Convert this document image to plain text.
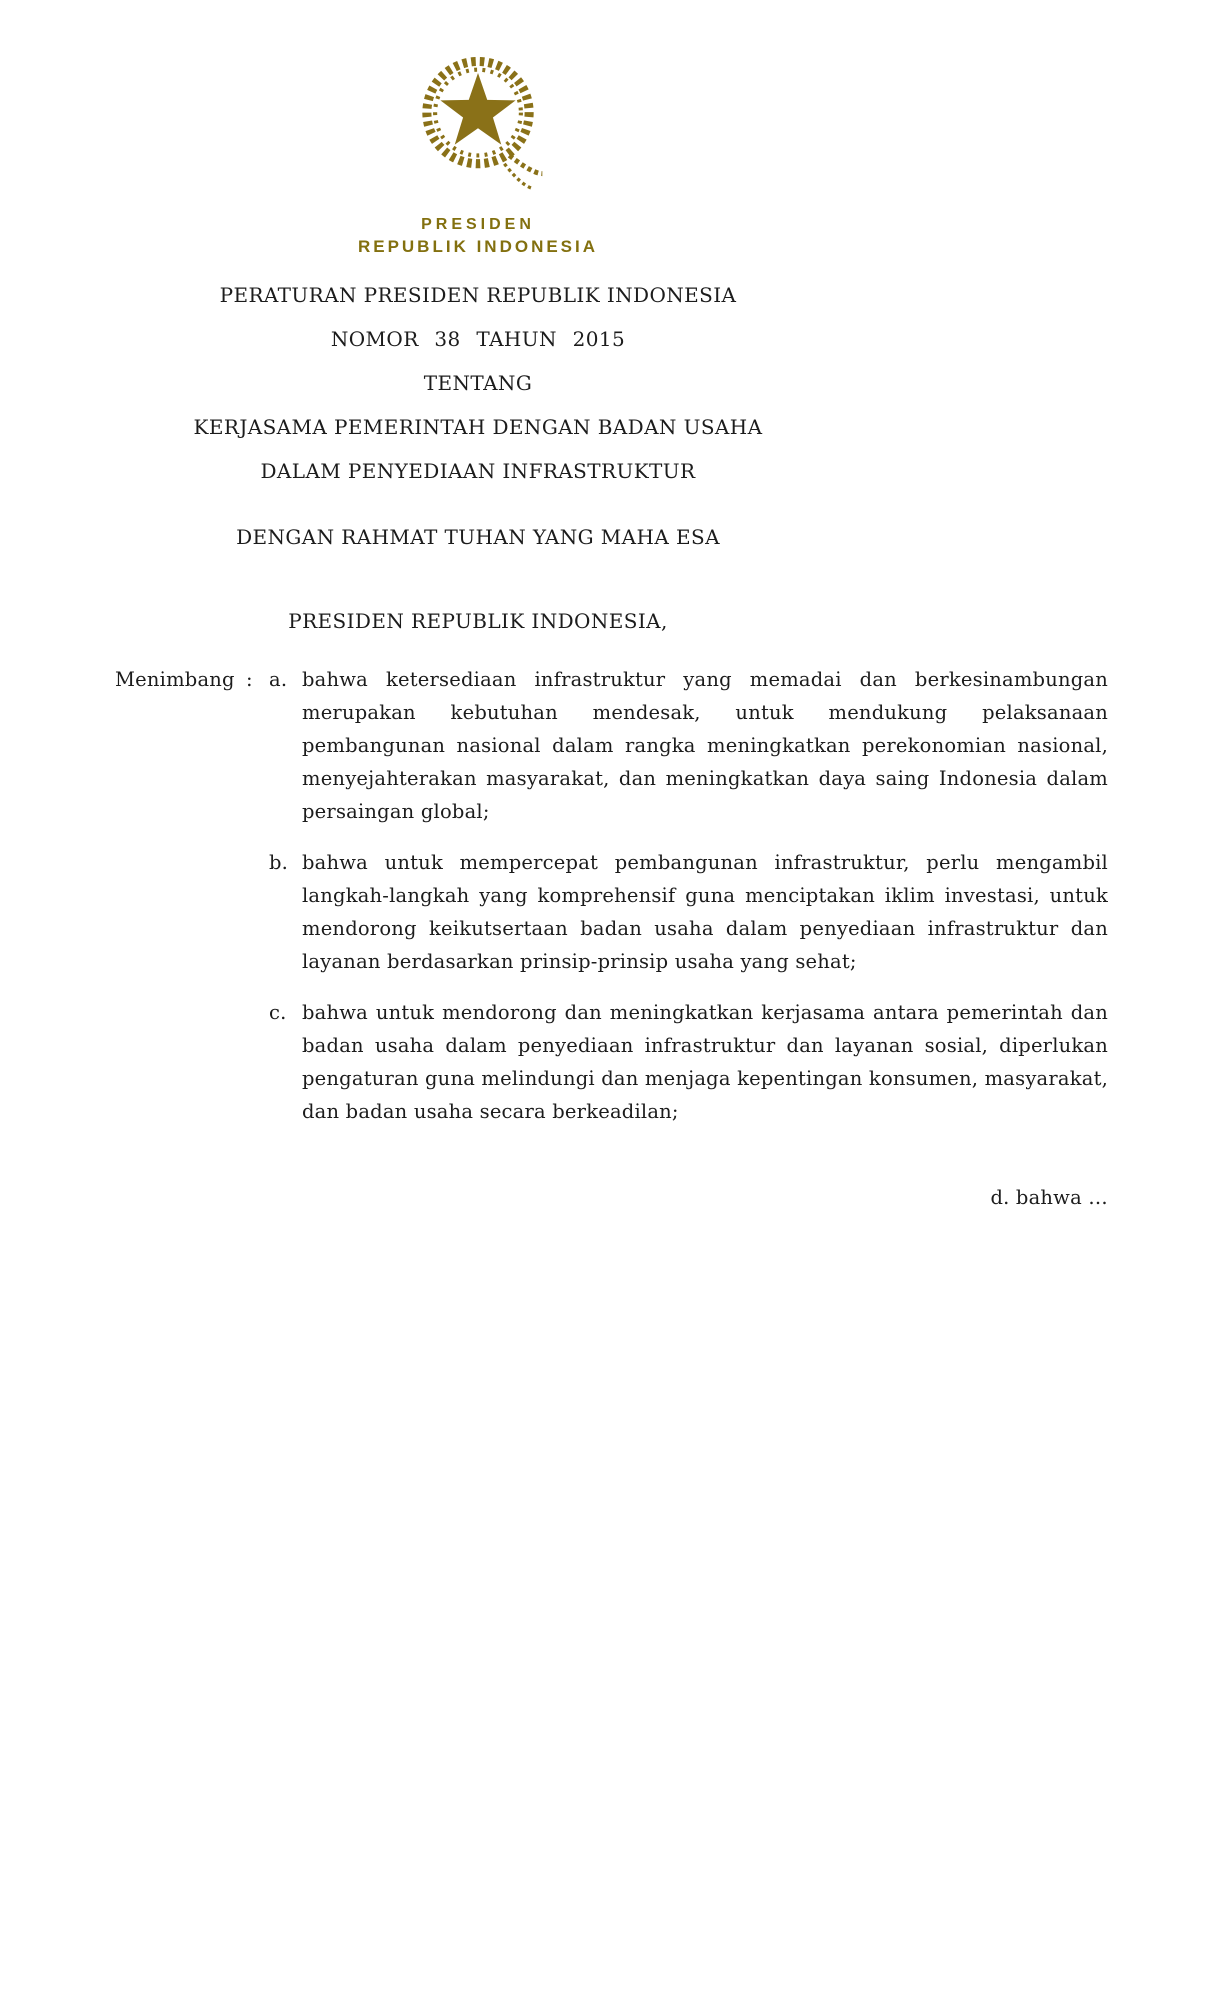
PRESIDEN
REPUBLIK INDONESIA
PERATURAN PRESIDEN REPUBLIK INDONESIA
NOMOR 38 TAHUN 2015
TENTANG
KERJASAMA PEMERINTAH DENGAN BADAN USAHA
DALAM PENYEDIAAN INFRASTRUKTUR
DENGAN RAHMAT TUHAN YANG MAHA ESA
PRESIDEN REPUBLIK INDONESIA,
Menimbang : a. bahwa ketersediaan infrastruktur yang memadai dan berkesinambungan merupakan kebutuhan mendesak, untuk mendukung pelaksanaan pembangunan nasional dalam rangka meningkatkan perekonomian nasional, menyejahterakan masyarakat, dan meningkatkan daya saing Indonesia dalam persaingan global;
b. bahwa untuk mempercepat pembangunan infrastruktur, perlu mengambil langkah-langkah yang komprehensif guna menciptakan iklim investasi, untuk mendorong keikutsertaan badan usaha dalam penyediaan infrastruktur dan layanan berdasarkan prinsip-prinsip usaha yang sehat;
c. bahwa untuk mendorong dan meningkatkan kerjasama antara pemerintah dan badan usaha dalam penyediaan infrastruktur dan layanan sosial, diperlukan pengaturan guna melindungi dan menjaga kepentingan konsumen, masyarakat, dan badan usaha secara berkeadilan;
d. bahwa …
